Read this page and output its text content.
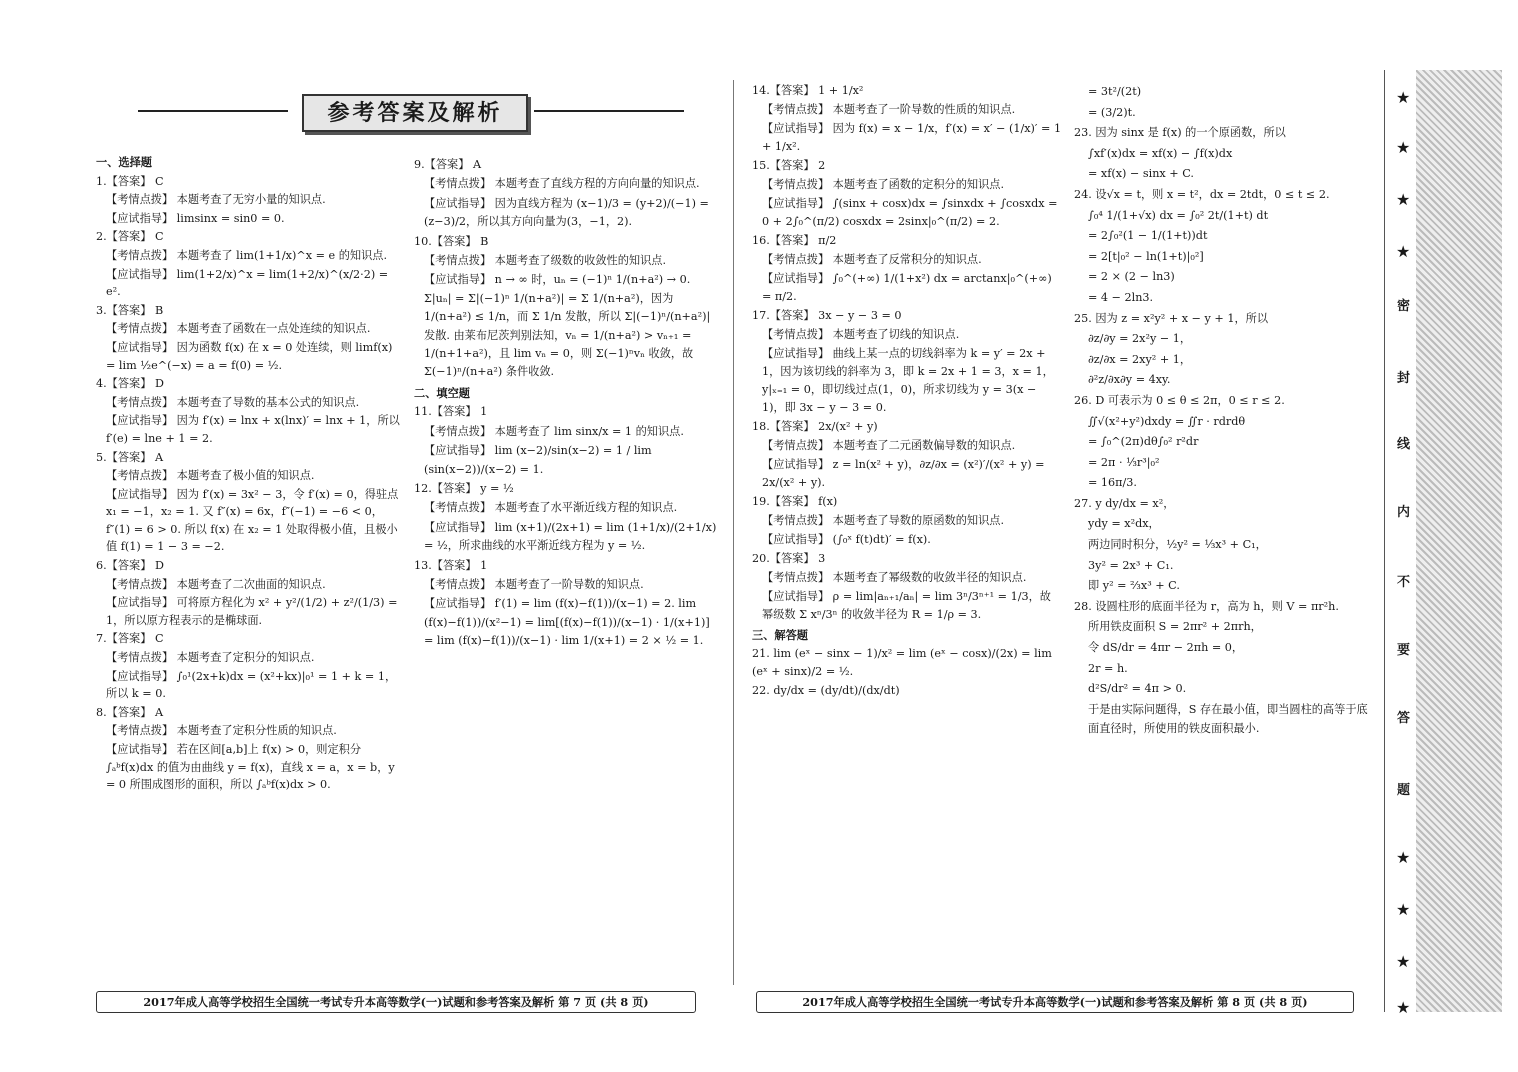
参考答案及解析

一、选择题

1.【答案】 C

【考情点拨】 本题考查了无穷小量的知识点.

【应试指导】 limsinx = sin0 = 0.

2.【答案】 C

【考情点拨】 本题考查了 lim(1+1/x)^x = e 的知识点.

【应试指导】 lim(1+2/x)^x = lim(1+2/x)^(x/2·2) = e².

3.【答案】 B

【考情点拨】 本题考查了函数在一点处连续的知识点.

【应试指导】 因为函数 f(x) 在 x = 0 处连续，则 limf(x) = lim ½e^(−x) = a = f(0) = ½.

4.【答案】 D

【考情点拨】 本题考查了导数的基本公式的知识点.

【应试指导】 因为 f′(x) = lnx + x(lnx)′ = lnx + 1，所以 f′(e) = lne + 1 = 2.

5.【答案】 A

【考情点拨】 本题考查了极小值的知识点.

【应试指导】 因为 f′(x) = 3x² − 3，令 f′(x) = 0，得驻点 x₁ = −1，x₂ = 1. 又 f″(x) = 6x，f″(−1) = −6 < 0，f″(1) = 6 > 0. 所以 f(x) 在 x₂ = 1 处取得极小值，且极小值 f(1) = 1 − 3 = −2.

6.【答案】 D

【考情点拨】 本题考查了二次曲面的知识点.

【应试指导】 可将原方程化为 x² + y²/(1/2) + z²/(1/3) = 1，所以原方程表示的是椭球面.

7.【答案】 C

【考情点拨】 本题考查了定积分的知识点.

【应试指导】 ∫₀¹(2x+k)dx = (x²+kx)|₀¹ = 1 + k = 1，所以 k = 0.

8.【答案】 A

【考情点拨】 本题考查了定积分性质的知识点.

【应试指导】 若在区间[a,b]上 f(x) > 0，则定积分 ∫ₐᵇf(x)dx 的值为由曲线 y = f(x)，直线 x = a，x = b，y = 0 所围成图形的面积，所以 ∫ₐᵇf(x)dx > 0.

9.【答案】 A

【考情点拨】 本题考查了直线方程的方向向量的知识点.

【应试指导】 因为直线方程为 (x−1)/3 = (y+2)/(−1) = (z−3)/2，所以其方向向量为(3，−1，2).

10.【答案】 B

【考情点拨】 本题考查了级数的收敛性的知识点.

【应试指导】 n → ∞ 时，uₙ = (−1)ⁿ 1/(n+a²) → 0. Σ|uₙ| = Σ|(−1)ⁿ 1/(n+a²)| = Σ 1/(n+a²)，因为 1/(n+a²) ≤ 1/n，而 Σ 1/n 发散，所以 Σ|(−1)ⁿ/(n+a²)| 发散. 由莱布尼茨判别法知，vₙ = 1/(n+a²) > vₙ₊₁ = 1/(n+1+a²)，且 lim vₙ = 0，则 Σ(−1)ⁿvₙ 收敛，故 Σ(−1)ⁿ/(n+a²) 条件收敛.

二、填空题

11.【答案】 1

【考情点拨】 本题考查了 lim sinx/x = 1 的知识点.

【应试指导】 lim (x−2)/sin(x−2) = 1 / lim (sin(x−2))/(x−2) = 1.

12.【答案】 y = ½

【考情点拨】 本题考查了水平渐近线方程的知识点.

【应试指导】 lim (x+1)/(2x+1) = lim (1+1/x)/(2+1/x) = ½，所求曲线的水平渐近线方程为 y = ½.

13.【答案】 1

【考情点拨】 本题考查了一阶导数的知识点.

【应试指导】 f′(1) = lim (f(x)−f(1))/(x−1) = 2. lim (f(x)−f(1))/(x²−1) = lim[(f(x)−f(1))/(x−1) · 1/(x+1)] = lim (f(x)−f(1))/(x−1) · lim 1/(x+1) = 2 × ½ = 1.

14.【答案】 1 + 1/x²

【考情点拨】 本题考查了一阶导数的性质的知识点.

【应试指导】 因为 f(x) = x − 1/x，f′(x) = x′ − (1/x)′ = 1 + 1/x².

15.【答案】 2

【考情点拨】 本题考查了函数的定积分的知识点.

【应试指导】 ∫(sinx + cosx)dx = ∫sinxdx + ∫cosxdx = 0 + 2∫₀^(π/2) cosxdx = 2sinx|₀^(π/2) = 2.

16.【答案】 π/2

【考情点拨】 本题考查了反常积分的知识点.

【应试指导】 ∫₀^(+∞) 1/(1+x²) dx = arctanx|₀^(+∞) = π/2.

17.【答案】 3x − y − 3 = 0

【考情点拨】 本题考查了切线的知识点.

【应试指导】 曲线上某一点的切线斜率为 k = y′ = 2x + 1，因为该切线的斜率为 3，即 k = 2x + 1 = 3，x = 1，y|ₓ₌₁ = 0，即切线过点(1，0)，所求切线为 y = 3(x − 1)，即 3x − y − 3 = 0.

18.【答案】 2x/(x² + y)

【考情点拨】 本题考查了二元函数偏导数的知识点.

【应试指导】 z = ln(x² + y)，∂z/∂x = (x²)′/(x² + y) = 2x/(x² + y).

19.【答案】 f(x)

【考情点拨】 本题考查了导数的原函数的知识点.

【应试指导】 (∫₀ˣ f(t)dt)′ = f(x).

20.【答案】 3

【考情点拨】 本题考查了幂级数的收敛半径的知识点.

【应试指导】 ρ = lim|aₙ₊₁/aₙ| = lim 3ⁿ/3ⁿ⁺¹ = 1/3，故幂级数 Σ xⁿ/3ⁿ 的收敛半径为 R = 1/ρ = 3.

三、解答题

21. lim (eˣ − sinx − 1)/x² = lim (eˣ − cosx)/(2x) = lim (eˣ + sinx)/2 = ½.

22. dy/dx = (dy/dt)/(dx/dt)

= 3t²/(2t)

= (3/2)t.

23. 因为 sinx 是 f(x) 的一个原函数，所以

∫xf′(x)dx = xf(x) − ∫f(x)dx

= xf(x) − sinx + C.

24. 设√x = t，则 x = t²，dx = 2tdt，0 ≤ t ≤ 2.

∫₀⁴ 1/(1+√x) dx = ∫₀² 2t/(1+t) dt

= 2∫₀²(1 − 1/(1+t))dt

= 2[t|₀² − ln(1+t)|₀²]

= 2 × (2 − ln3)

= 4 − 2ln3.

25. 因为 z = x²y² + x − y + 1，所以

∂z/∂y = 2x²y − 1，

∂z/∂x = 2xy² + 1，

∂²z/∂x∂y = 4xy.

26. D 可表示为 0 ≤ θ ≤ 2π，0 ≤ r ≤ 2.

∬√(x²+y²)dxdy = ∬r · rdrdθ

= ∫₀^(2π)dθ∫₀² r²dr

= 2π · ⅓r³|₀²

= 16π/3.

27. y dy/dx = x²，

ydy = x²dx，

两边同时积分，½y² = ⅓x³ + C₁，

3y² = 2x³ + C₁.

即 y² = ⅔x³ + C.

28. 设圆柱形的底面半径为 r，高为 h，则 V = πr²h.

所用铁皮面积 S = 2πr² + 2πrh，

令 dS/dr = 4πr − 2πh = 0，

2r = h.

d²S/dr² = 4π > 0.

于是由实际问题得，S 存在最小值，即当圆柱的高等于底面直径时，所使用的铁皮面积最小.

2017年成人高等学校招生全国统一考试专升本高等数学(一)试题和参考答案及解析 第 7 页 (共 8 页)	2017年成人高等学校招生全国统一考试专升本高等数学(一)试题和参考答案及解析 第 8 页 (共 8 页)
★
★
★
★
★
★
★
★
密
封
线
内
不
要
答
题
